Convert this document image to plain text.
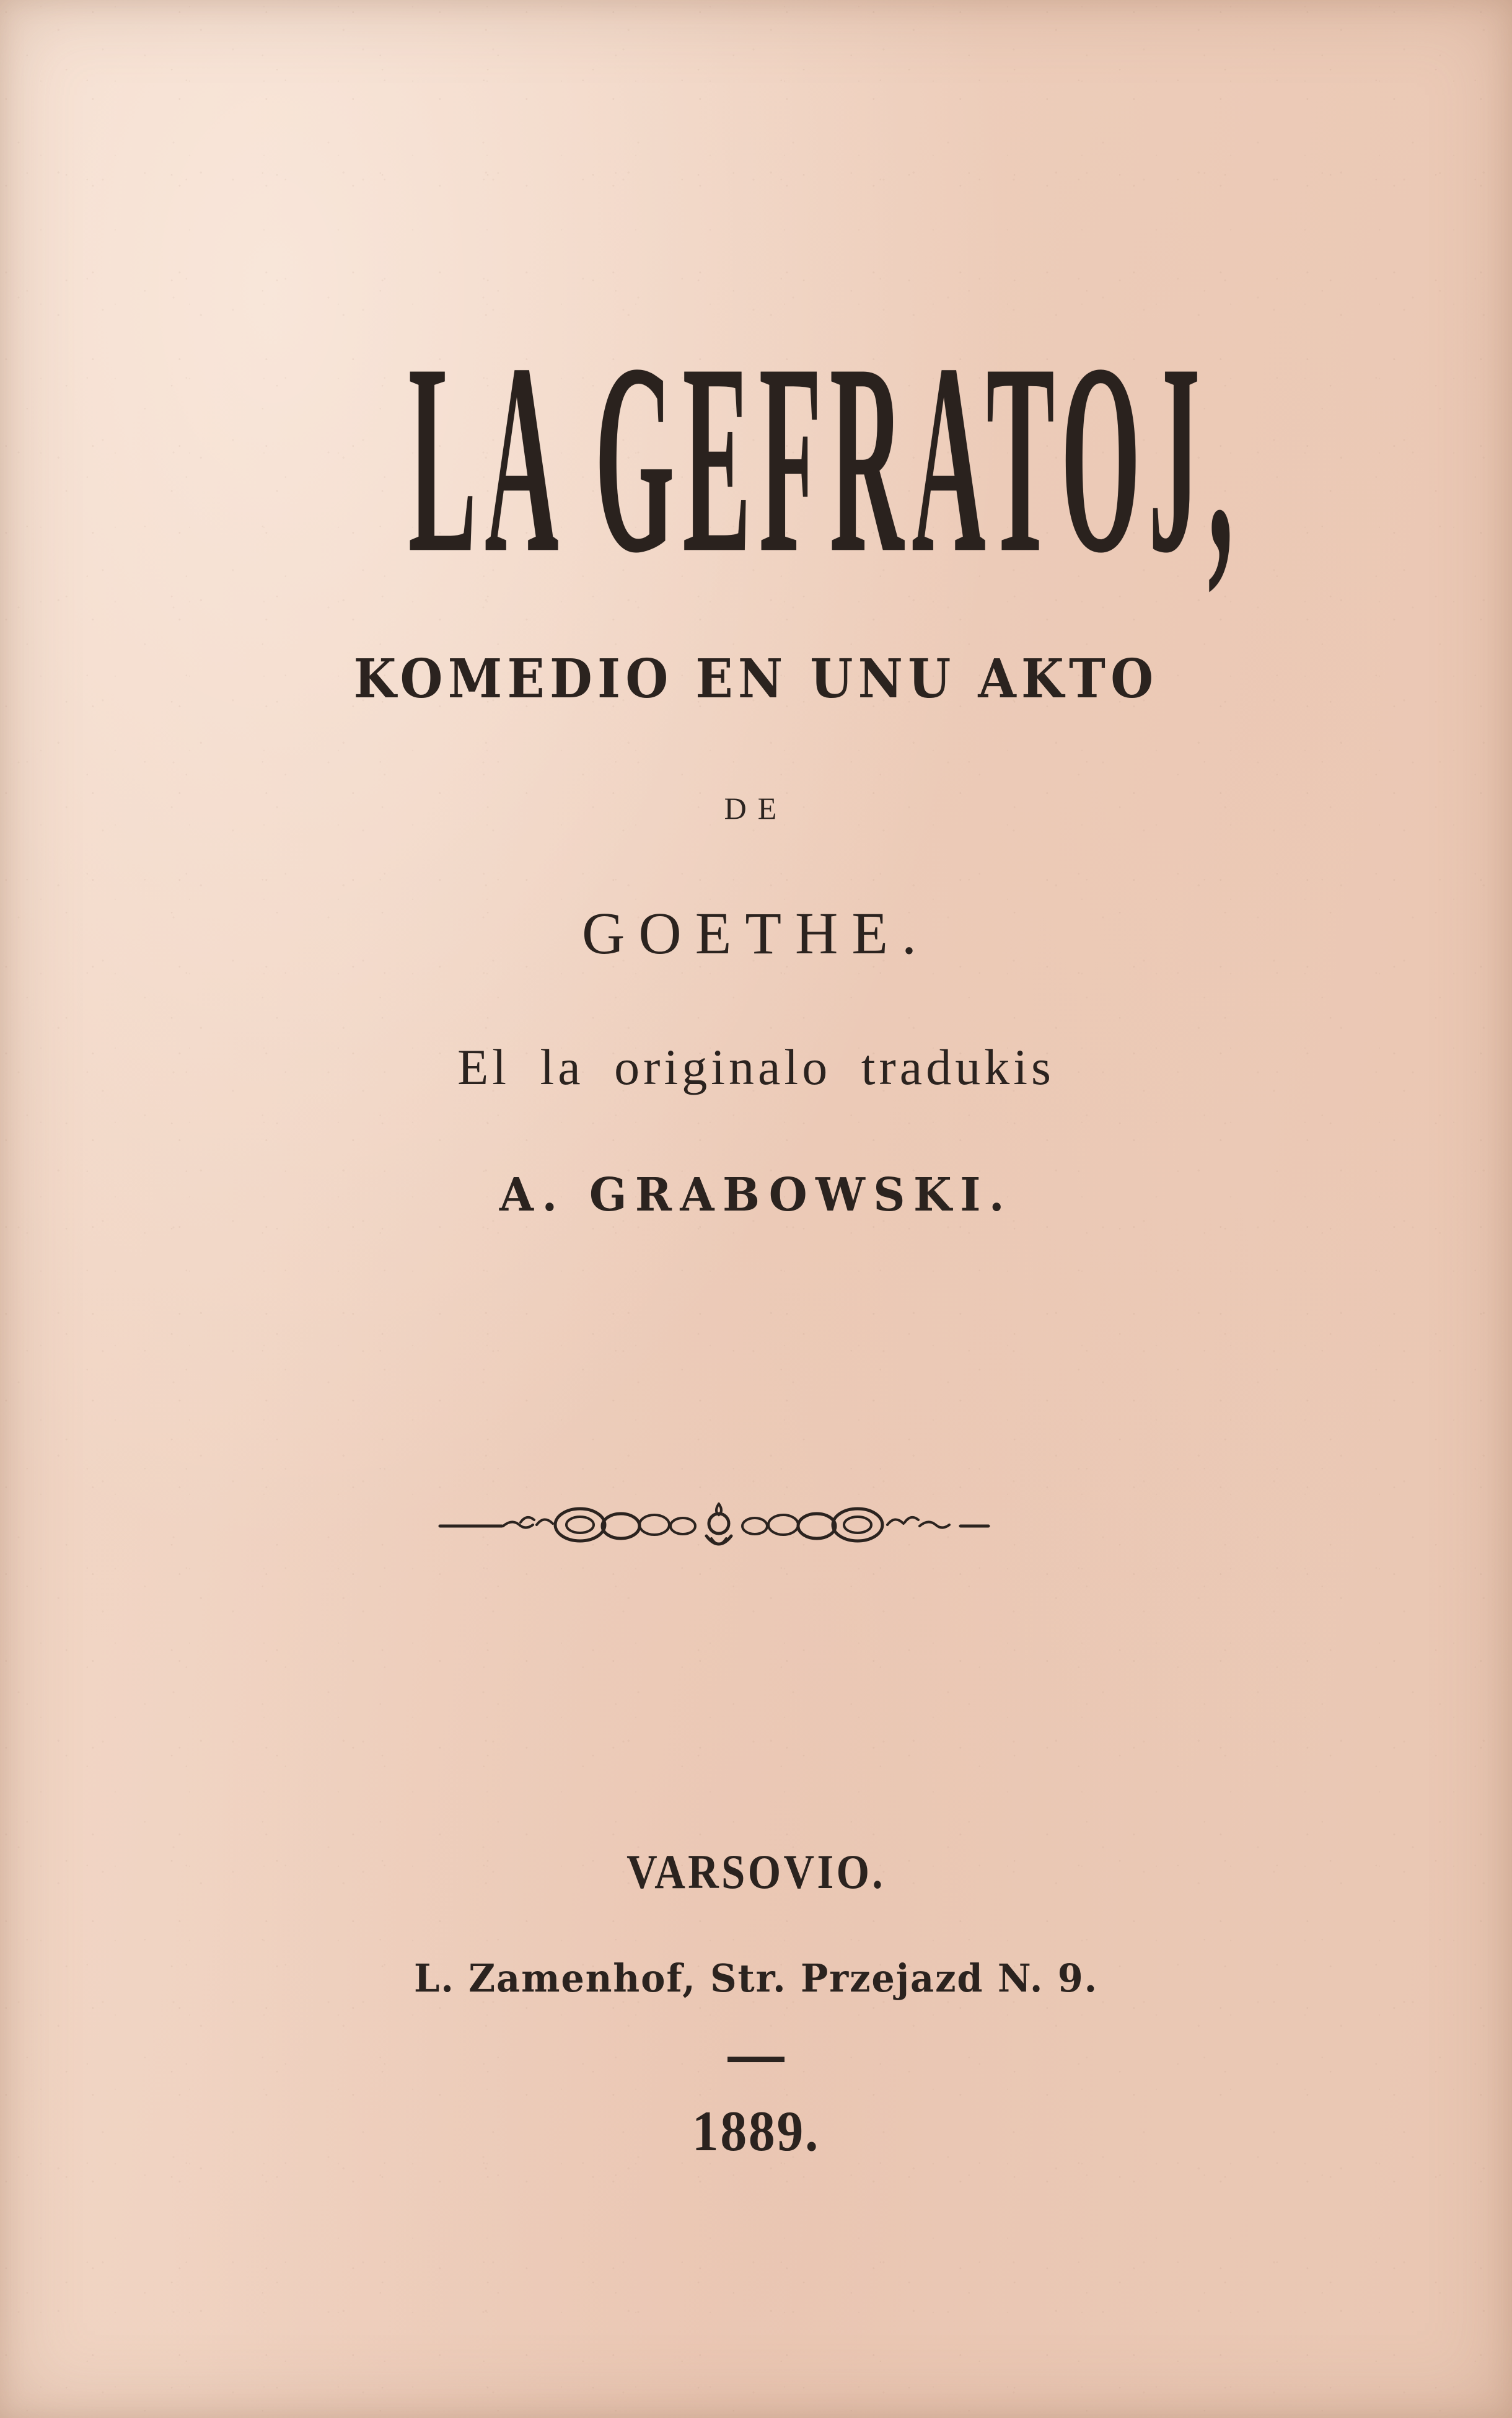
LA GEFRATOJ,
KOMEDIO EN UNU AKTO
DE
GOETHE.
El la originalo tradukis
A. GRABOWSKI.
VARSOVIO.
L. Zamenhof, Str. Przejazd N. 9.
1889.
